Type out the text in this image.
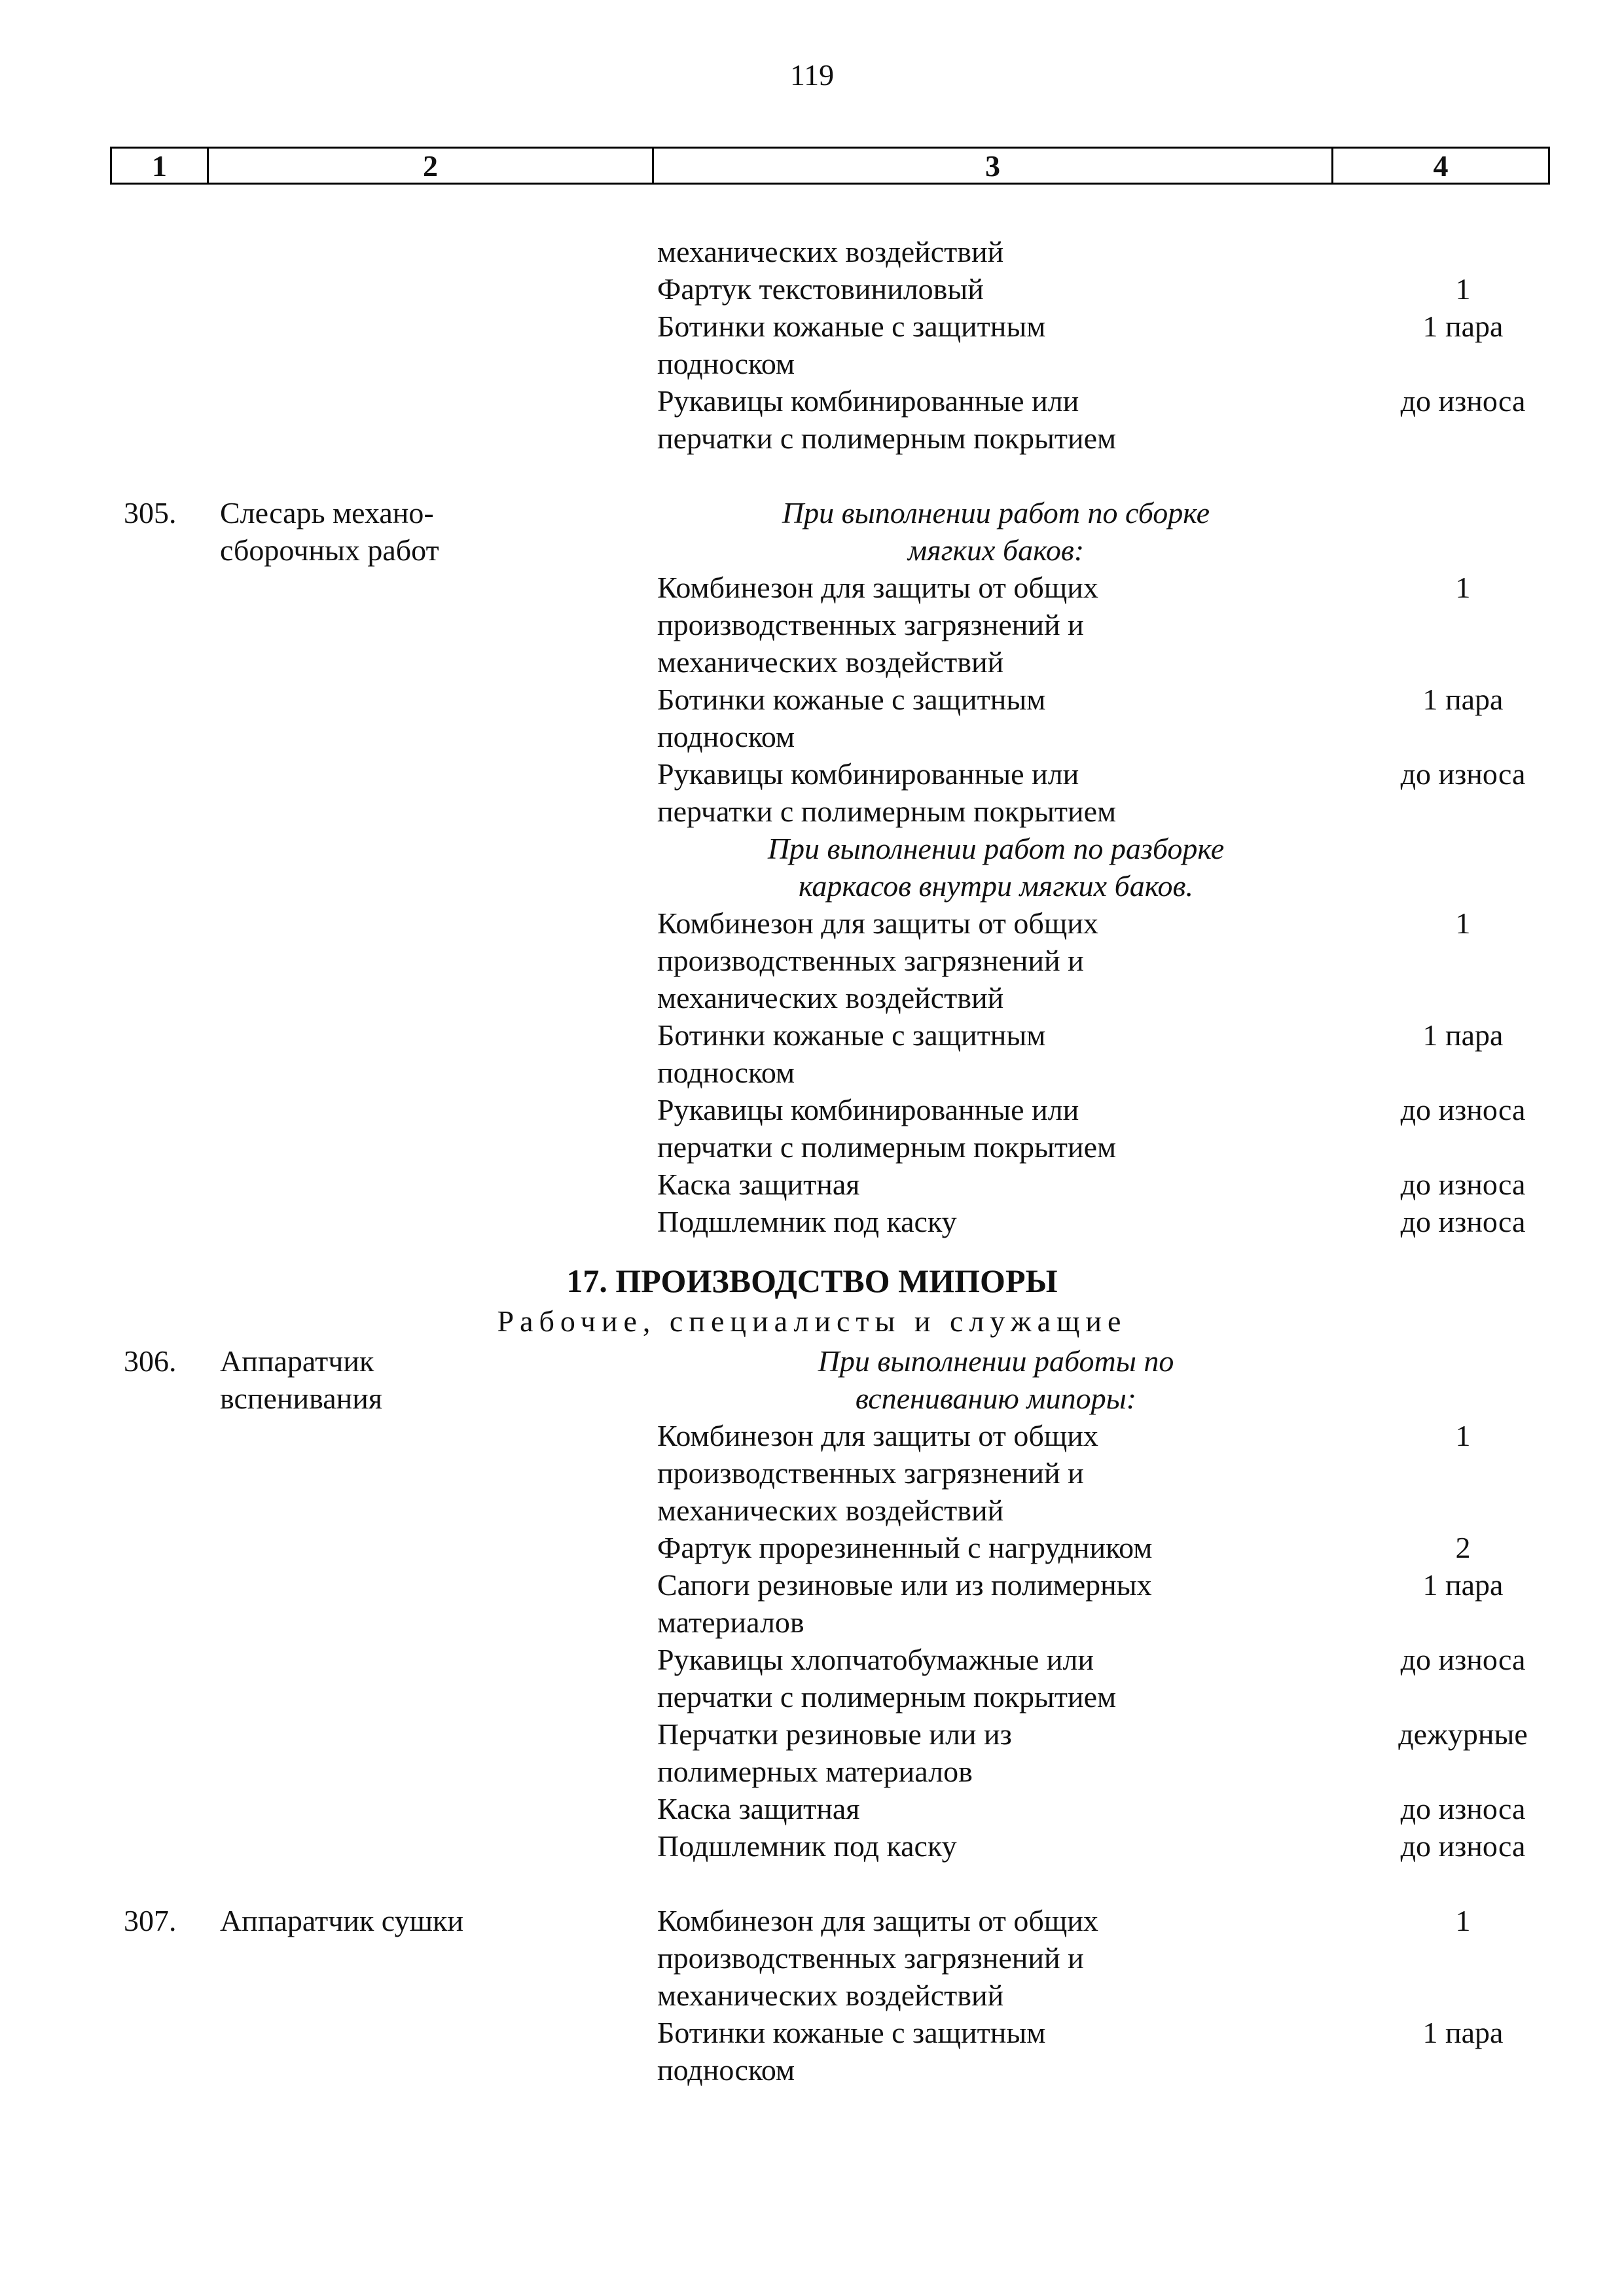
119
1	2	3	4
механических воздействий
Фартук текстовиниловый	1
Ботинки кожаные с защитным	1 пара
подноском
Рукавицы комбинированные или	до износа
перчатки с полимерным покрытием
305. Слесарь механо-
сборочных работ
При выполнении работ по сборке
мягких баков:
Комбинезон для защиты от общих	1
производственных загрязнений и
механических воздействий
Ботинки кожаные с защитным	1 пара
подноском
Рукавицы комбинированные или	до износа
перчатки с полимерным покрытием
При выполнении работ по разборке
каркасов внутри мягких баков.
Комбинезон для защиты от общих	1
производственных загрязнений и
механических воздействий
Ботинки кожаные с защитным	1 пара
подноском
Рукавицы комбинированные или	до износа
перчатки с полимерным покрытием
Каска защитная	до износа
Подшлемник под каску	до износа
17. ПРОИЗВОДСТВО МИПОРЫ
Рабочие, специалисты и служащие
306. Аппаратчик
вспенивания
При выполнении работы по
вспениванию мипоры:
Комбинезон для защиты от общих	1
производственных загрязнений и
механических воздействий
Фартук прорезиненный с нагрудником	2
Сапоги резиновые или из полимерных	1 пара
материалов
Рукавицы хлопчатобумажные или	до износа
перчатки с полимерным покрытием
Перчатки резиновые или из	дежурные
полимерных материалов
Каска защитная	до износа
Подшлемник под каску	до износа
307. Аппаратчик сушки	Комбинезон для защиты от общих	1
производственных загрязнений и
механических воздействий
Ботинки кожаные с защитным	1 пара
подноском
